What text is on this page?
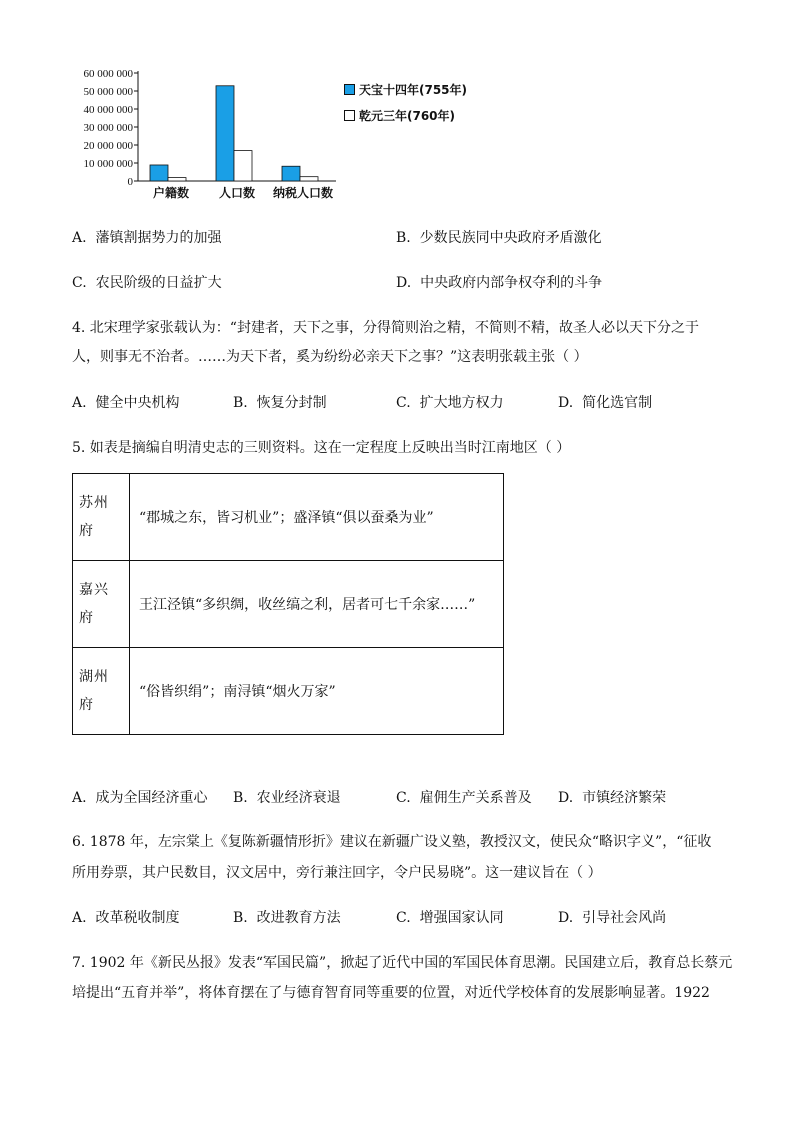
0
10 000 000
20 000 000
30 000 000
40 000 000
50 000 000
60 000 000
户籍数 人口数 纳税人口数
天宝十四年(755年)
乾元三年(760年)
A. 藩镇割据势力的加强	B. 少数民族同中央政府矛盾激化
C. 农民阶级的日益扩大	D. 中央政府内部争权夺利的斗争
4. 北宋理学家张载认为：“封建者，天下之事，分得简则治之精，不简则不精，故圣人必以天下分之于
人，则事无不治者。……为天下者，奚为纷纷必亲天下之事？”这表明张载主张（ ）
A. 健全中央机构	B. 恢复分封制	C. 扩大地方权力	D. 简化选官制
5. 如表是摘编自明清史志的三则资料。这在一定程度上反映出当时江南地区（ ）
苏州
府	“郡城之东，皆习机业”；盛泽镇“俱以蚕桑为业”
嘉兴
府	王江泾镇“多织绸，收丝缟之利，居者可七千余家……”
湖州
府	“俗皆织绢”；南浔镇“烟火万家”
A. 成为全国经济重心 B. 农业经济衰退	C. 雇佣生产关系普及 D. 市镇经济繁荣
6. 1878 年，左宗棠上《复陈新疆情形折》建议在新疆广设义塾，教授汉文，使民众“略识字义”，“征收
所用券票，其户民数目，汉文居中，旁行兼注回字，令户民易晓”。这一建议旨在（ ）
A. 改革税收制度	B. 改进教育方法	C. 增强国家认同	D. 引导社会风尚
7. 1902 年《新民丛报》发表“军国民篇”，掀起了近代中国的军国民体育思潮。民国建立后，教育总长蔡元
培提出“五育并举”，将体育摆在了与德育智育同等重要的位置，对近代学校体育的发展影响显著。1922
